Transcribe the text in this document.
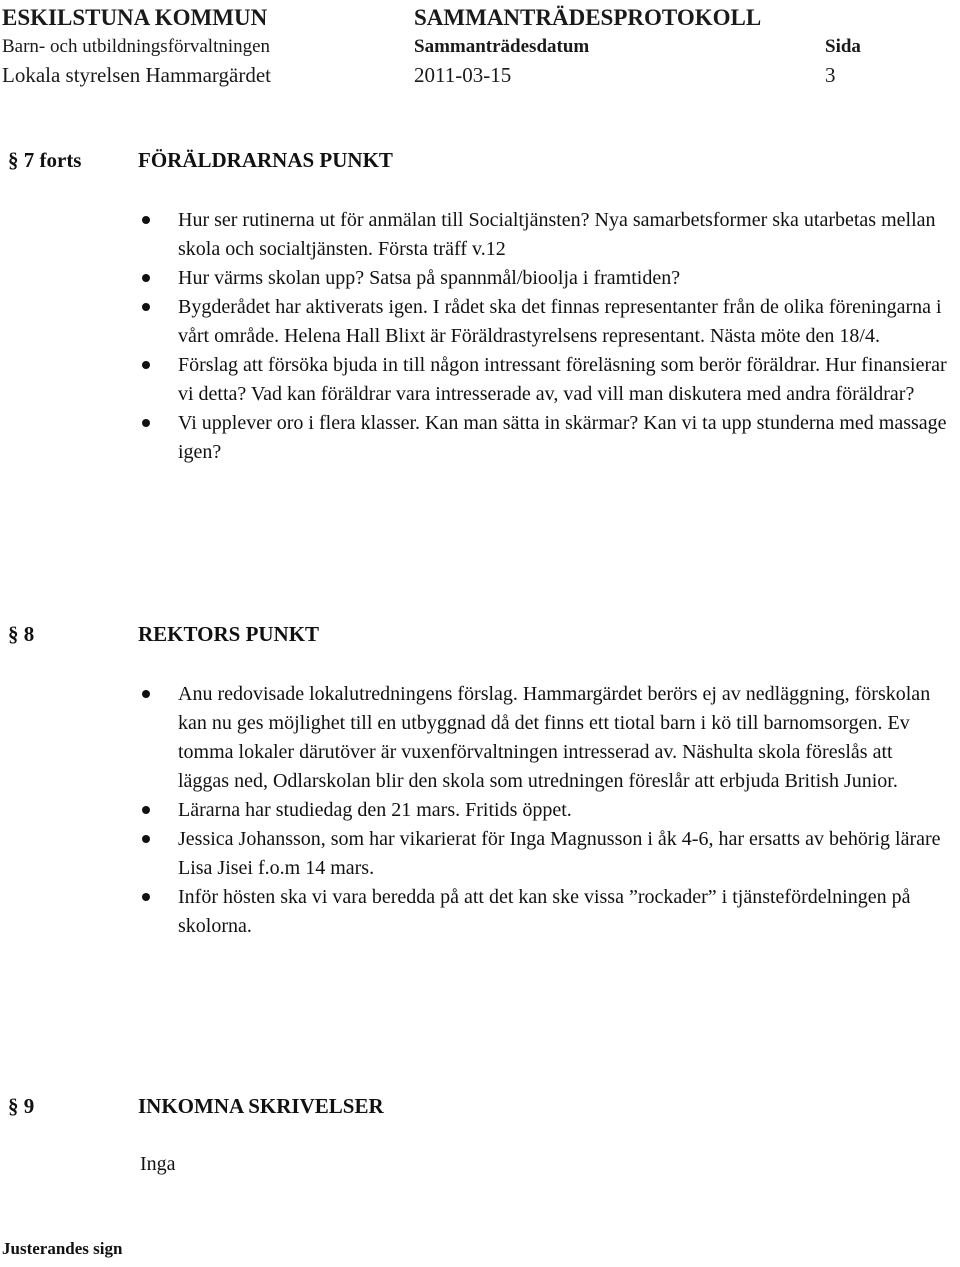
ESKILSTUNA KOMMUN	SAMMANTRÄDESPROTOKOLL
Barn- och utbildningsförvaltningen	Sammanträdesdatum	Sida
Lokala styrelsen Hammargärdet	2011-03-15	3
§ 7 forts	FÖRÄLDRARNAS PUNKT
Hur ser rutinerna ut för anmälan till Socialtjänsten? Nya samarbetsformer ska utarbetas mellan skola och socialtjänsten. Första träff v.12
Hur värms skolan upp? Satsa på spannmål/bioolja i framtiden?
Bygderådet har aktiverats igen. I rådet ska det finnas representanter från de olika föreningarna i vårt område. Helena Hall Blixt är Föräldrastyrelsens representant. Nästa möte den 18/4.
Förslag att försöka bjuda in till någon intressant föreläsning som berör föräldrar. Hur finansierar vi detta? Vad kan föräldrar vara intresserade av, vad vill man diskutera med andra föräldrar?
Vi upplever oro i flera klasser. Kan man sätta in skärmar? Kan vi ta upp stunderna med massage igen?
§ 8	REKTORS PUNKT
Anu redovisade lokalutredningens förslag. Hammargärdet berörs ej av nedläggning, förskolan kan nu ges möjlighet till en utbyggnad då det finns ett tiotal barn i kö till barnomsorgen. Ev tomma lokaler därutöver är vuxenförvaltningen intresserad av. Näshulta skola föreslås att läggas ned, Odlarskolan blir den skola som utredningen föreslår att erbjuda British Junior.
Lärarna har studiedag den 21 mars. Fritids öppet.
Jessica Johansson, som har vikarierat för Inga Magnusson i åk 4-6, har ersatts av behörig lärare Lisa Jisei f.o.m 14 mars.
Inför hösten ska vi vara beredda på att det kan ske vissa ”rockader” i tjänstefördelningen på skolorna.
§ 9	INKOMNA SKRIVELSER
Inga
Justerandes sign
